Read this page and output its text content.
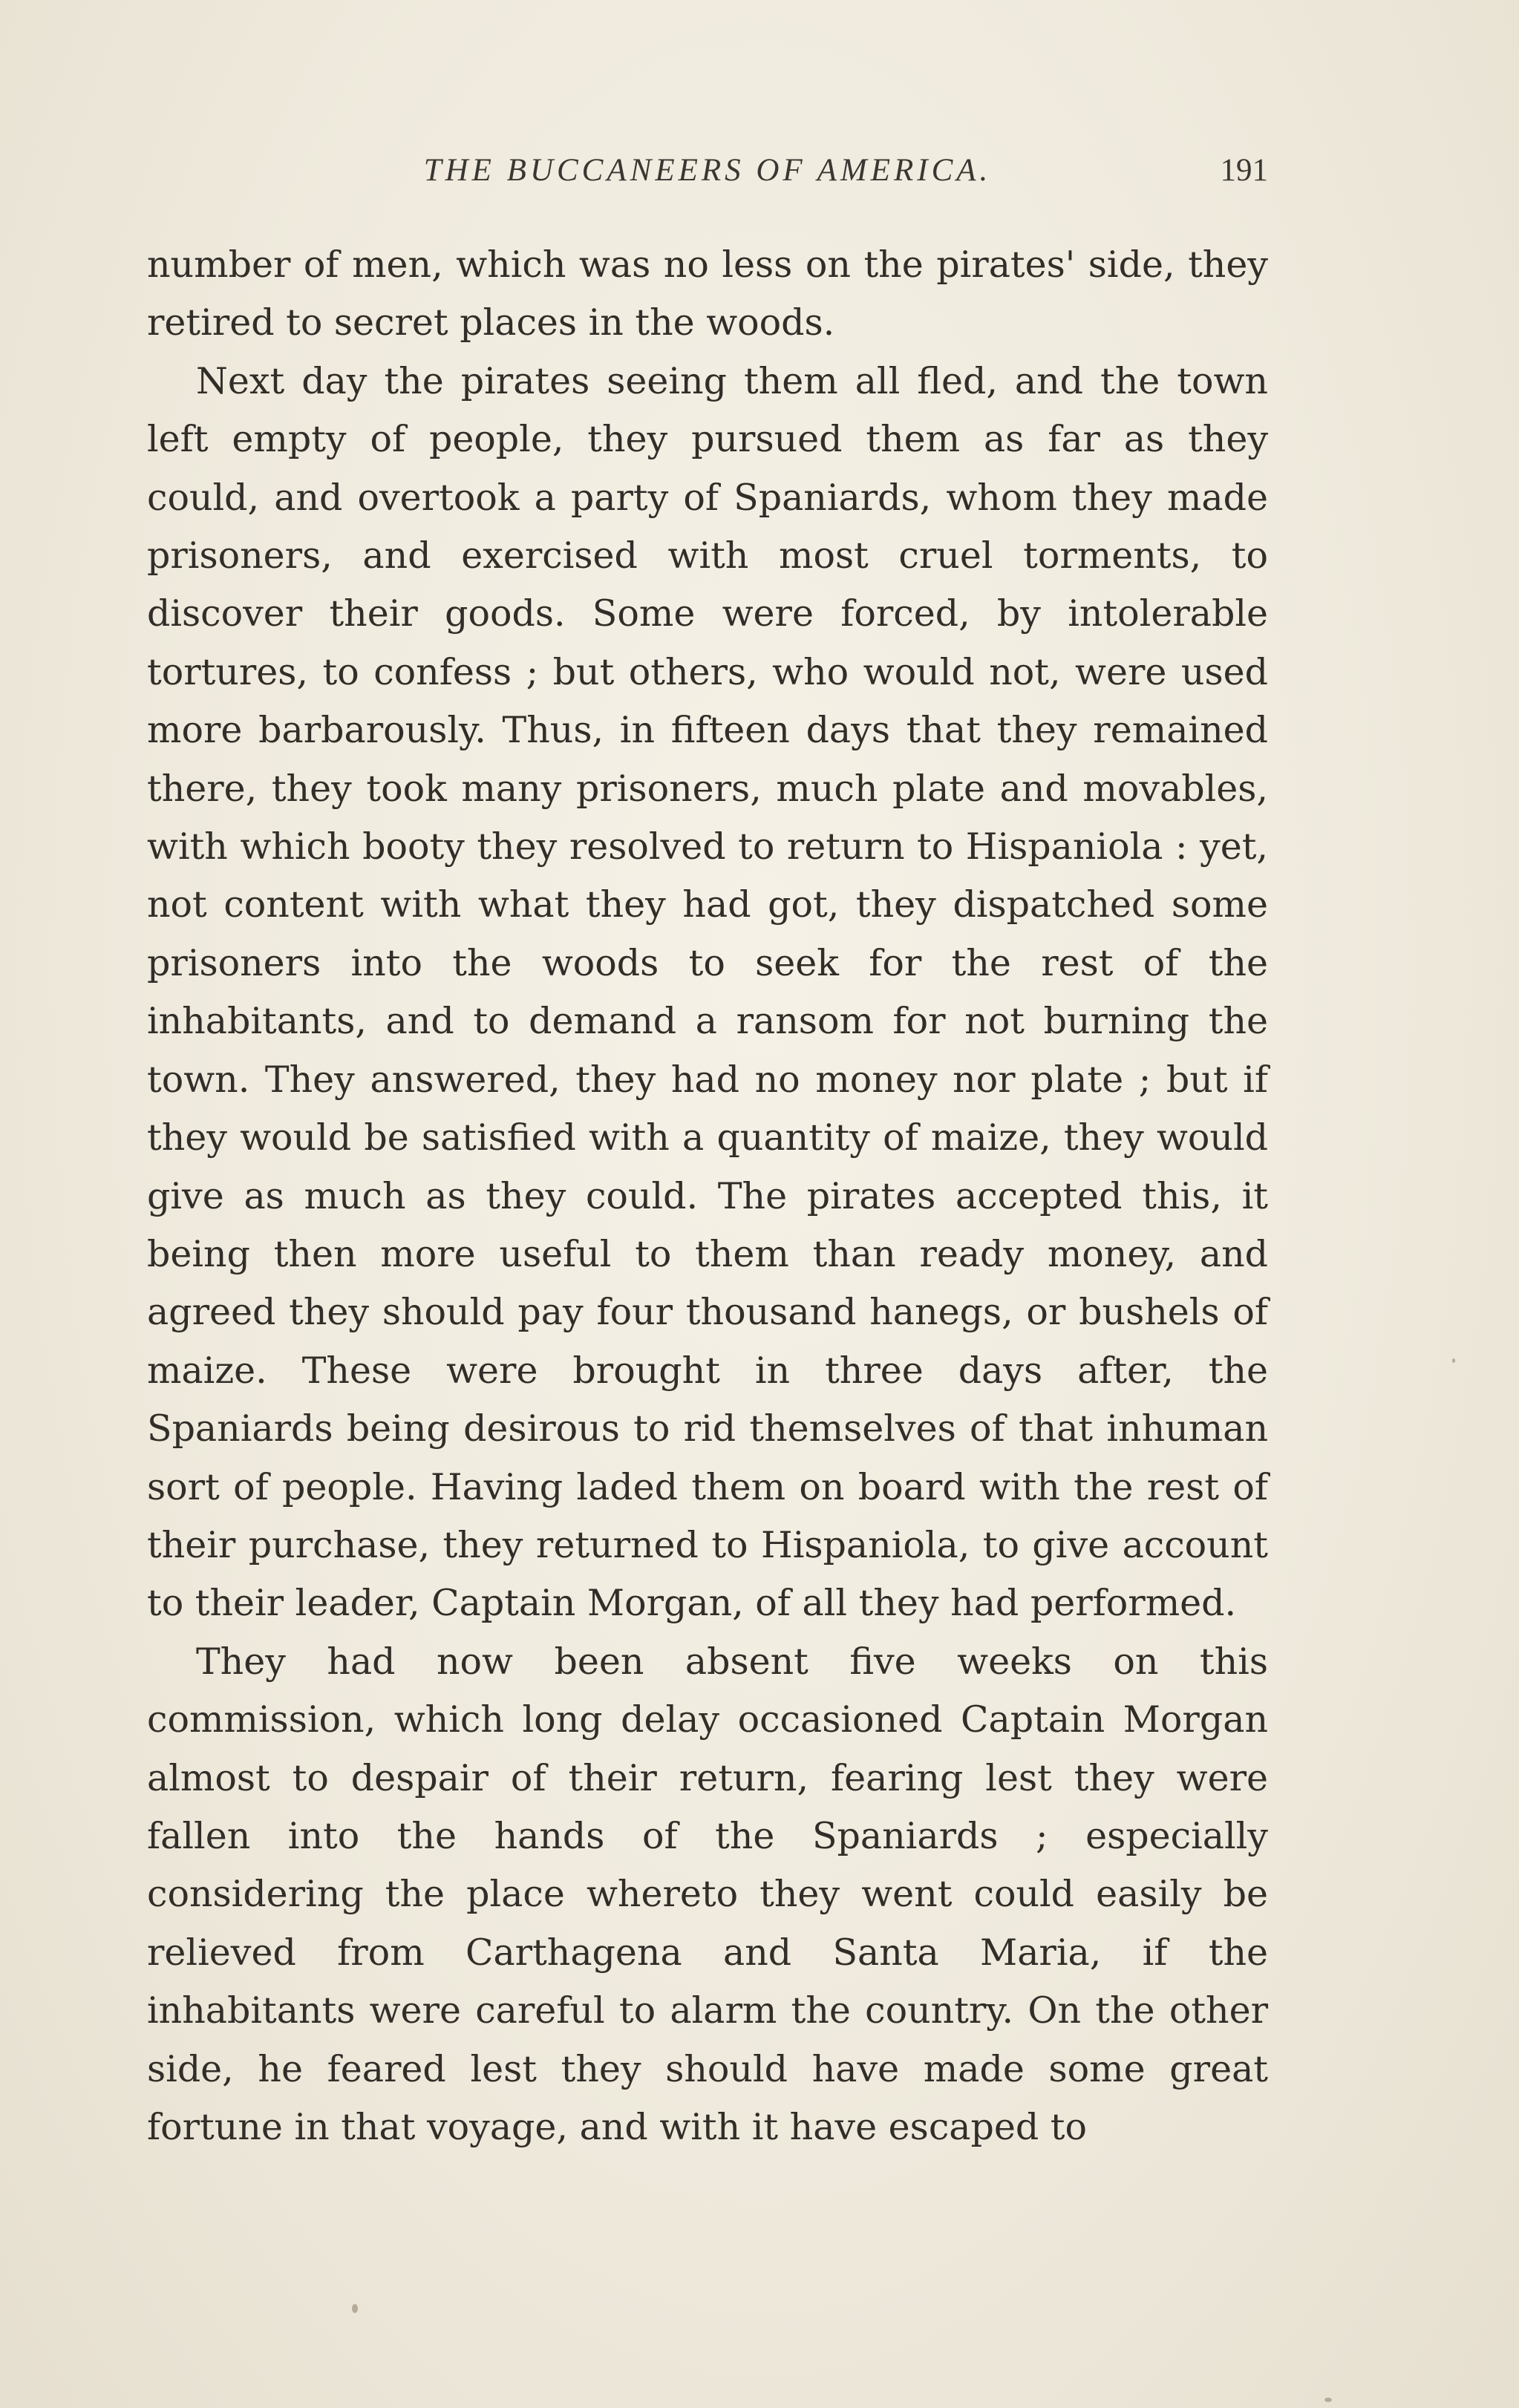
THE BUCCANEERS OF AMERICA.	191

number of men, which was no less on the pirates' side, they retired to secret places in the woods.

Next day the pirates seeing them all fled, and the town left empty of people, they pursued them as far as they could, and overtook a party of Spaniards, whom they made prisoners, and exercised with most cruel torments, to discover their goods. Some were forced, by intolerable tortures, to confess ; but others, who would not, were used more barbarously. Thus, in fifteen days that they remained there, they took many prisoners, much plate and movables, with which booty they resolved to return to Hispaniola : yet, not content with what they had got, they dispatched some prisoners into the woods to seek for the rest of the inhabitants, and to demand a ransom for not burning the town. They answered, they had no money nor plate ; but if they would be satisfied with a quantity of maize, they would give as much as they could. The pirates accepted this, it being then more useful to them than ready money, and agreed they should pay four thousand hanegs, or bushels of maize. These were brought in three days after, the Spaniards being desirous to rid themselves of that inhuman sort of people. Having laded them on board with the rest of their purchase, they returned to Hispaniola, to give account to their leader, Captain Morgan, of all they had performed.

They had now been absent five weeks on this commission, which long delay occasioned Captain Morgan almost to despair of their return, fearing lest they were fallen into the hands of the Spaniards ; especially considering the place whereto they went could easily be relieved from Carthagena and Santa Maria, if the inhabitants were careful to alarm the country. On the other side, he feared lest they should have made some great fortune in that voyage, and with it have escaped to
